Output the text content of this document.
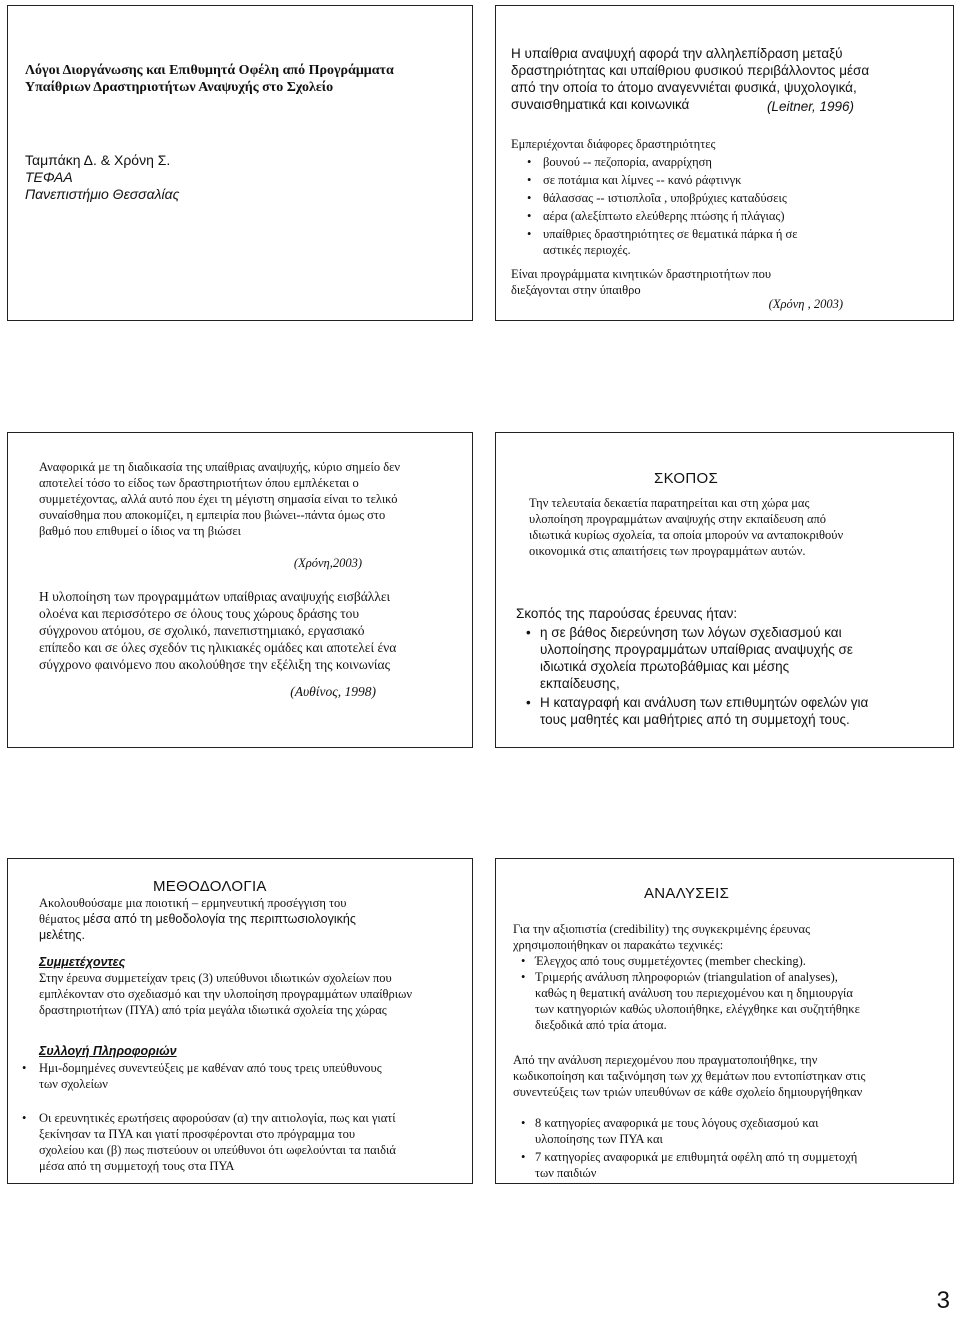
Λόγοι Διοργάνωσης και Επιθυμητά Οφέλη από Προγράμματα Υπαίθριων Δραστηριοτήτων Αναψυχής στο Σχολείο

Ταμπάκη Δ. & Χρόνη Σ.

ΤΕΦΑΑ

Πανεπιστήμιο Θεσσαλίας

Η υπαίθρια αναψυχή αφορά την αλληλεπίδραση μεταξύ δραστηριότητας και υπαίθριου φυσικού περιβάλλοντος μέσα από την οποία το άτομο αναγεννιέται φυσικά, ψυχολογικά, συναισθηματικά και κοινωνικά	(Leitner, 1996)

Εμπεριέχονται διάφορες δραστηριότητες

• βουνού -- πεζοπορία, αναρρίχηση
• σε ποτάμια και λίμνες -- κανό ράφτινγκ
• θάλασσας -- ιστιοπλοΐα , υποβρύχιες καταδύσεις
• αέρα (αλεξίπτωτο ελεύθερης πτώσης ή πλάγιας)
• υπαίθριες δραστηριότητες σε θεματικά πάρκα ή σε αστικές περιοχές.

Είναι προγράμματα κινητικών δραστηριοτήτων που διεξάγονται στην ύπαιθρο

(Χρόνη , 2003)

Αναφορικά με τη διαδικασία της υπαίθριας αναψυχής, κύριο σημείο δεν αποτελεί τόσο το είδος των δραστηριοτήτων όπου εμπλέκεται ο συμμετέχοντας, αλλά αυτό που έχει τη μέγιστη σημασία είναι το τελικό συναίσθημα που αποκομίζει, η εμπειρία που βιώνει--πάντα όμως στο βαθμό που επιθυμεί ο ίδιος να τη βιώσει

(Χρόνη,2003)

Η υλοποίηση των προγραμμάτων υπαίθριας αναψυχής εισβάλλει ολοένα και περισσότερο σε όλους τους χώρους δράσης του σύγχρονου ατόμου, σε σχολικό, πανεπιστημιακό, εργασιακό επίπεδο και σε όλες σχεδόν τις ηλικιακές ομάδες και αποτελεί ένα σύγχρονο φαινόμενο που ακολούθησε την εξέλιξη της κοινωνίας

(Αυθίνος, 1998)

ΣΚΟΠΟΣ

Την τελευταία δεκαετία παρατηρείται και στη χώρα μας υλοποίηση προγραμμάτων αναψυχής στην εκπαίδευση από ιδιωτικά κυρίως σχολεία, τα οποία μπορούν να ανταποκριθούν οικονομικά στις απαιτήσεις των προγραμμάτων αυτών.

Σκοπός της παρούσας έρευνας ήταν:

• η σε βάθος διερεύνηση των λόγων σχεδιασμού και υλοποίησης προγραμμάτων υπαίθριας αναψυχής σε ιδιωτικά σχολεία πρωτοβάθμιας και μέσης εκπαίδευσης,
• Η καταγραφή και ανάλυση των επιθυμητών οφελών για τους μαθητές και μαθήτριες από τη συμμετοχή τους.

ΜΕΘΟΔΟΛΟΓΙΑ

Ακολουθούσαμε μια ποιοτική – ερμηνευτική προσέγγιση του θέματος μέσα από τη μεθοδολογία της περιπτωσιολογικής μελέτης.

Συμμετέχοντες

Στην έρευνα συμμετείχαν τρεις (3) υπεύθυνοι ιδιωτικών σχολείων που εμπλέκονταν στο σχεδιασμό και την υλοποίηση προγραμμάτων υπαίθριων δραστηριοτήτων (ΠΥΑ) από τρία μεγάλα ιδιωτικά σχολεία της χώρας

Συλλογή Πληροφοριών

• Ημι-δομημένες συνεντεύξεις με καθέναν από τους τρεις υπεύθυνους των σχολείων
• Οι ερευνητικές ερωτήσεις αφορούσαν (α) την αιτιολογία, πως και γιατί ξεκίνησαν τα ΠΥΑ και γιατί προσφέρονται στο πρόγραμμα του σχολείου και (β) πως πιστεύουν οι υπεύθυνοι ότι ωφελούνται τα παιδιά μέσα από τη συμμετοχή τους στα ΠΥΑ

ΑΝΑΛΥΣΕΙΣ

Για την αξιοπιστία (credibility) της συγκεκριμένης έρευνας χρησιμοποιήθηκαν οι παρακάτω τεχνικές:

• Έλεγχος από τους συμμετέχοντες (member checking).
• Τριμερής ανάλυση πληροφοριών (triangulation of analyses), καθώς η θεματική ανάλυση του περιεχομένου και η δημιουργία των κατηγοριών καθώς υλοποιήθηκε, ελέγχθηκε και συζητήθηκε διεξοδικά από τρία άτομα.

Από την ανάλυση περιεχομένου που πραγματοποιήθηκε, την κωδικοποίηση και ταξινόμηση των χχ θεμάτων που εντοπίστηκαν στις συνεντεύξεις των τριών υπευθύνων σε κάθε σχολείο δημιουργήθηκαν

• 8 κατηγορίες αναφορικά με τους λόγους σχεδιασμού και υλοποίησης των ΠΥΑ και
• 7 κατηγορίες αναφορικά με επιθυμητά οφέλη από τη συμμετοχή των παιδιών
3
